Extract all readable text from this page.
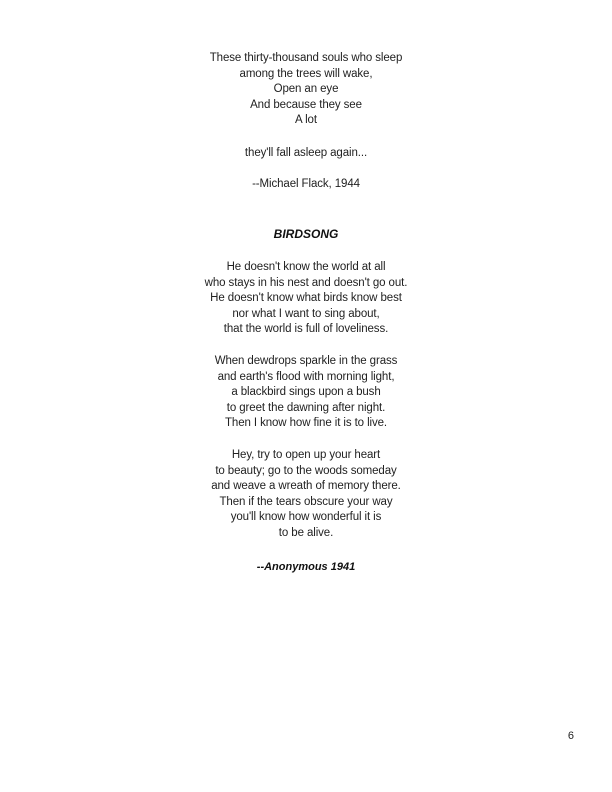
These thirty-thousand souls who sleep
among the trees will wake,
Open an eye
And because they see
A lot
they'll fall asleep again...
--Michael Flack, 1944
BIRDSONG
He doesn't know the world at all
who stays in his nest and doesn't go out.
He doesn't know what birds know best
nor what I want to sing about,
that the world is full of loveliness.
When dewdrops sparkle in the grass
and earth's flood with morning light,
a blackbird sings upon a bush
to greet the dawning after night.
Then I know how fine it is to live.
Hey, try to open up your heart
to beauty; go to the woods someday
and weave a wreath of memory there.
Then if the tears obscure your way
you'll know how wonderful it is
to be alive.
--Anonymous 1941
6
